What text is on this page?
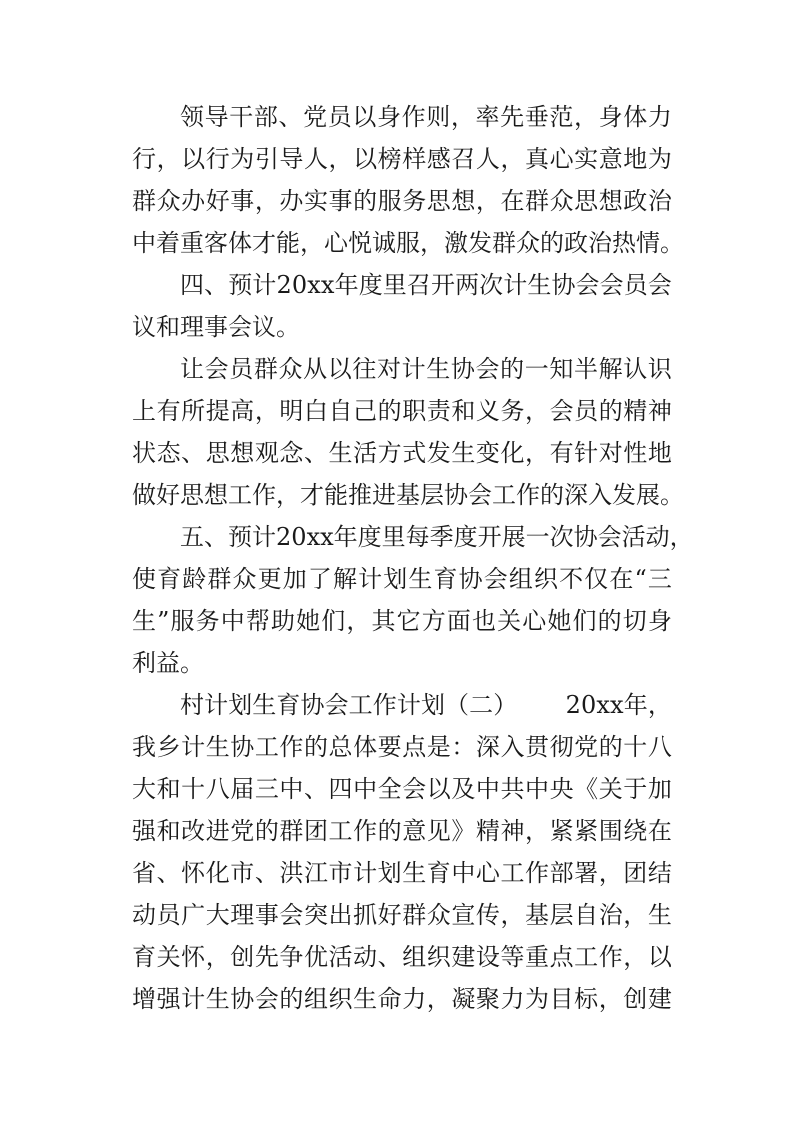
领 导 干 部 、 党 员 以 身 作 则 ， 率 先 垂 范 ， 身 体 力
行 ， 以 行 为 引 导 人 ， 以 榜 样 感 召 人 ， 真 心 实 意 地 为
群 众 办 好 事 ， 办 实 事 的 服 务 思 想 ， 在 群 众 思 想 政 治
中着重客体才能，心悦诚服，激发群众的政治热情。
四 、 预 计 2 0 x x 年 度 里 召 开 两 次 计 生 协 会 会 员 会
议和理事会议。
让 会 员 群 众 从 以 往 对 计 生 协 会 的 一 知 半 解 认 识
上 有 所 提 高 ， 明 白 自 己 的 职 责 和 义 务 ， 会 员 的 精 神
状 态 、 思 想 观 念 、 生 活 方 式 发 生 变 化 ， 有 针 对 性 地
做好思想工作，才能推进基层协会工作的深入发展。
五 、 预 计 2 0 x x 年 度 里 每 季 度 开 展 一 次 协 会 活 动 ，
使 育 龄 群 众 更 加 了 解 计 划 生 育 协 会 组 织 不 仅 在 “ 三
生 ” 服 务 中 帮 助 她 们 ， 其 它 方 面 也 关 心 她 们 的 切 身
利益。
村 计 划 生 育 协 会 工 作 计 划 （ 二 ）

　 2 0 x x 年 ，
我 乡 计 生 协 工 作 的 总 体 要 点 是 ： 深 入 贯 彻 党 的 十 八
大 和 十 八 届 三 中 、 四 中 全 会 以 及 中 共 中 央 《 关 于 加
强 和 改 进 党 的 群 团 工 作 的 意 见 》 精 神 ， 紧 紧 围 绕 在
省 、 怀 化 市 、 洪 江 市 计 划 生 育 中 心 工 作 部 署 ， 团 结
动 员 广 大 理 事 会 突 出 抓 好 群 众 宣 传 ， 基 层 自 治 ， 生
育 关 怀 ， 创 先 争 优 活 动 、 组 织 建 设 等 重 点 工 作 ， 以
增 强 计 生 协 会 的 组 织 生 命 力 ， 凝 聚 力 为 目 标 ， 创 建
